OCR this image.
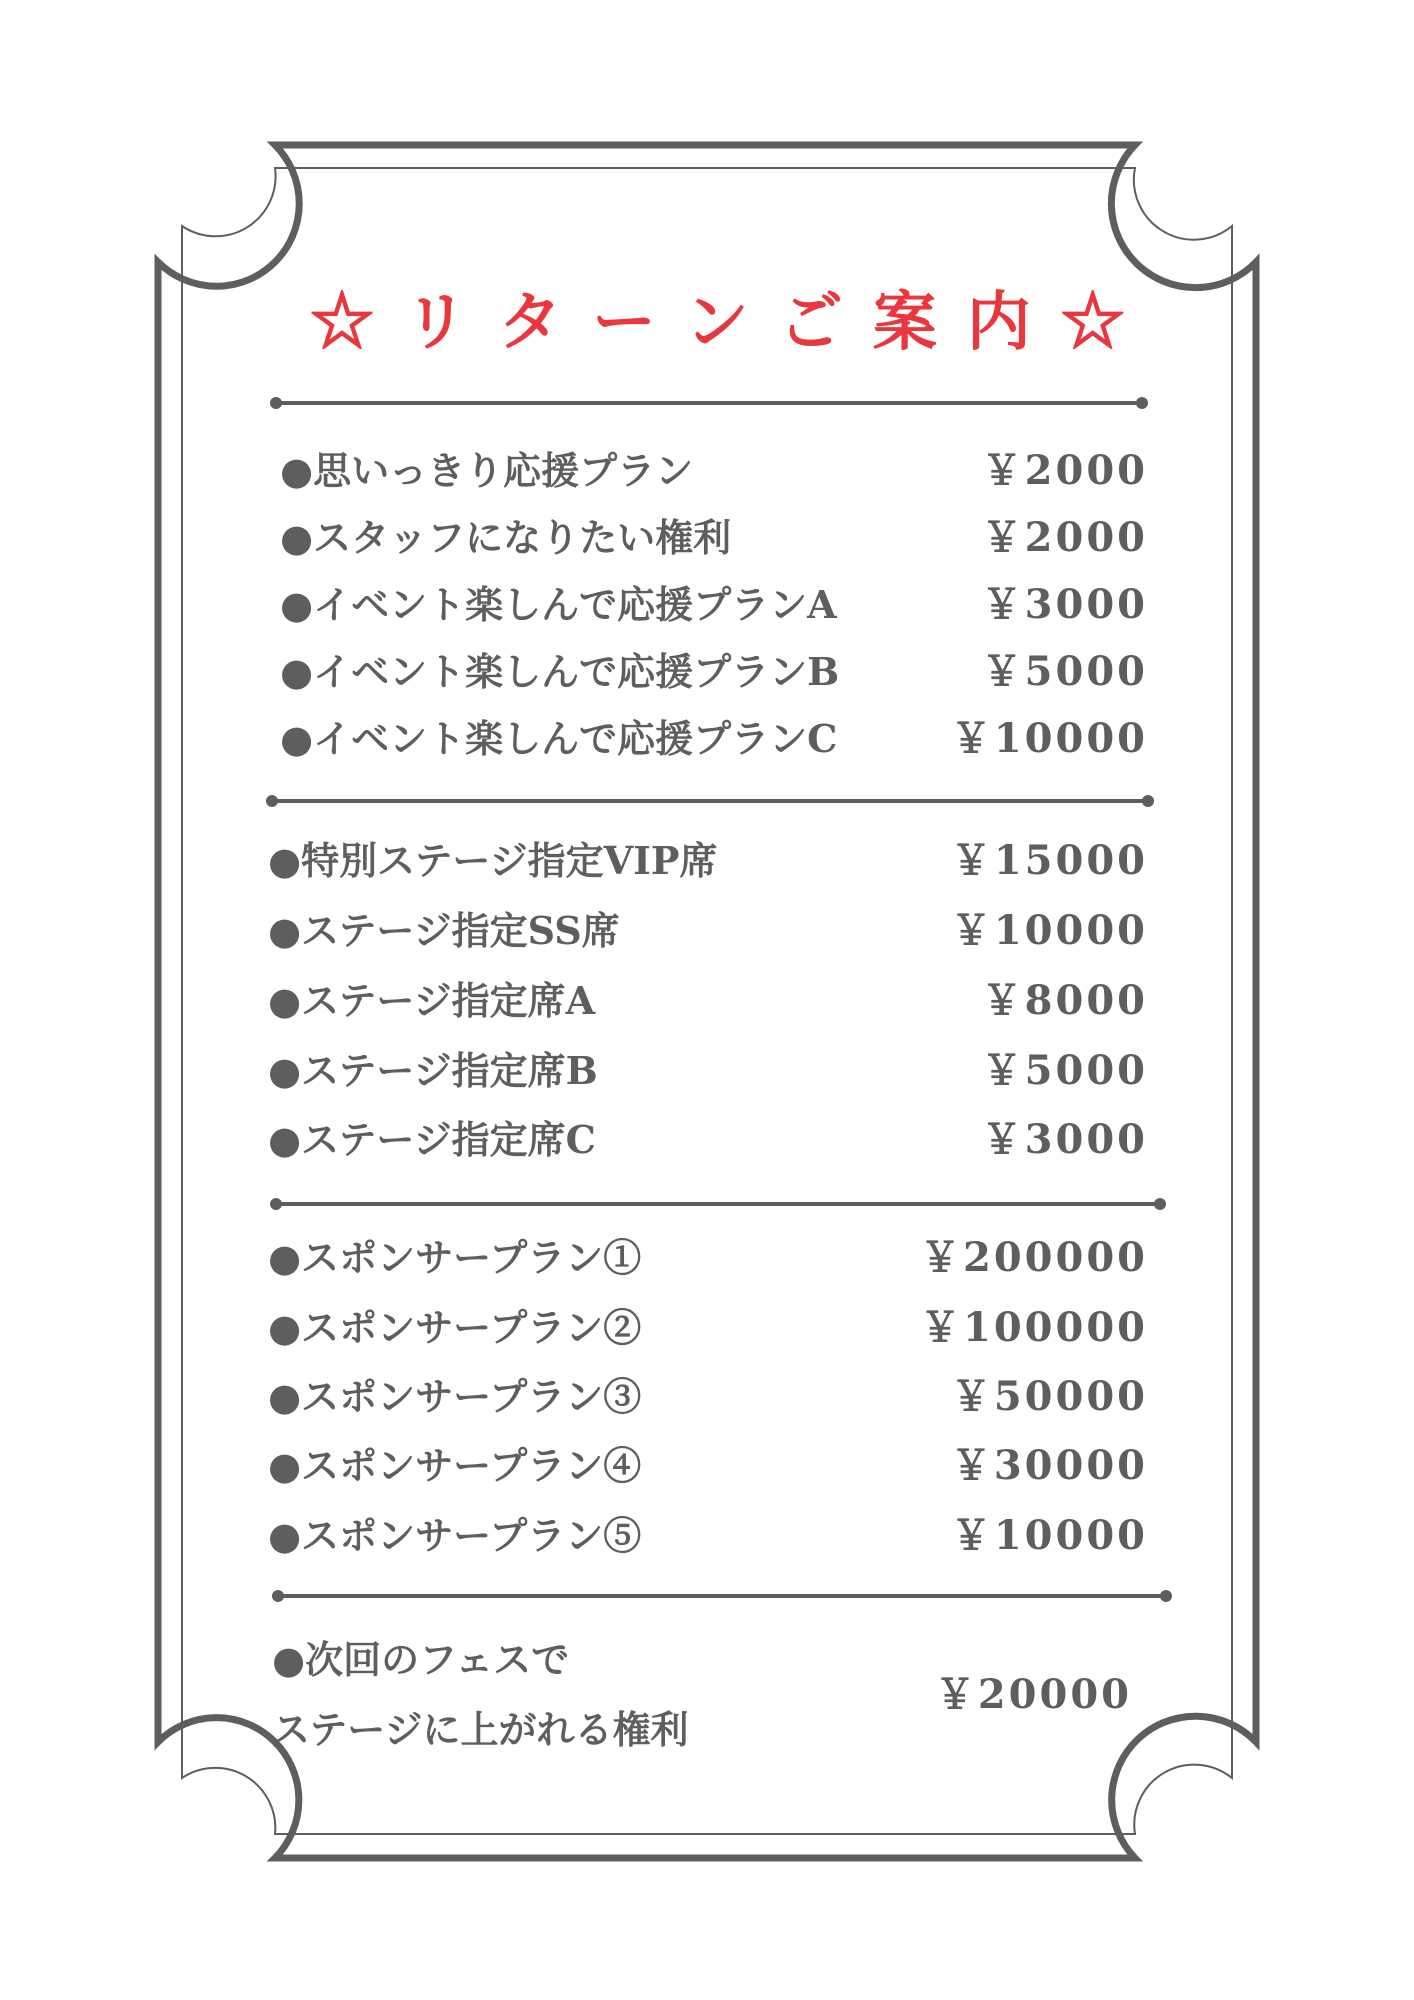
☆リターンご案内☆
●思いっきり応援プラン	￥2000
●スタッフになりたい権利	￥2000
●イベント楽しんで応援プランA	￥3000
●イベント楽しんで応援プランB	￥5000
●イベント楽しんで応援プランC	￥10000
●特別ステージ指定VIP席	￥15000
●ステージ指定SS席	￥10000
●ステージ指定席A	￥8000
●ステージ指定席B	￥5000
●ステージ指定席C	￥3000
●スポンサープラン①	￥200000
●スポンサープラン②	￥100000
●スポンサープラン③	￥50000
●スポンサープラン④	￥30000
●スポンサープラン⑤	￥10000
●次回のフェスで
ステージに上がれる権利
￥20000
